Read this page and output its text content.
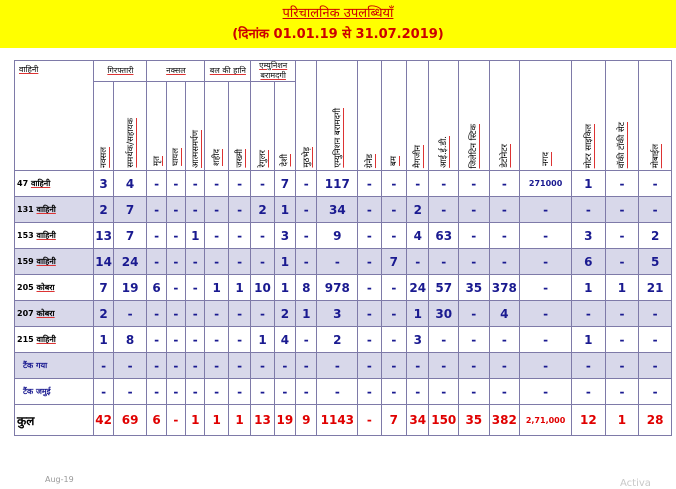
परिचालनिक उपलब्धियाँ
(दिनांक 01.01.19 से 31.07.2019)
वाहिनी	गिरफ्तारी		नक्सल			बल की हानि		एम्युनिशन बरामदगी		मुठभेड़	एम्युनिशन बरामदगी	ग्रेनेड	बम	मैगजीन	आई.ई.डी.	जिलेटिन स्टिक	डेटोनेटर	नगद	मोटर साइकिल	वॉकी टॉकी सेट	मोबाईल
	नक्सल	समर्थक/सहायक	मृत	घायल	आत्मसमर्पण	शहीद	जख्मी	रेगुलर	देशी												
47 वाहिनी	3	4	-	-	-	-	-	-	7	-	117	-	-	-	-	-	-	271000	1	-	-
131 वाहिनी	2	7	-	-	-	-	-	2	1	-	34	-	-	2	-	-	-	-	-	-	-
153 वाहिनी	13	7	-	-	1	-	-	-	3	-	9	-	-	4	63	-	-	-	3	-	2
159 वाहिनी	14	24	-	-	-	-	-	-	1	-	-	-	7	-	-	-	-	-	6	-	5
205 कोबरा	7	19	6	-	-	1	1	10	1	8	978	-	-	24	57	35	378	-	1	1	21
207 कोबरा	2	-	-	-	-	-	-	-	2	1	3	-	-	1	30	-	4	-	-	-	-
215 वाहिनी	1	8	-	-	-	-	-	1	4	-	2	-	-	3	-	-	-	-	1	-	-
टैंक गया	-	-	-	-	-	-	-	-	-	-	-	-	-	-	-	-	-	-	-	-	-
टैंक जमुई	-	-	-	-	-	-	-	-	-	-	-	-	-	-	-	-	-	-	-	-	-
कुल	42	69	6	-	1	1	1	13	19	9	1143	-	7	34	150	35	382	2,71,000	12	1	28
Aug-19	Activa
